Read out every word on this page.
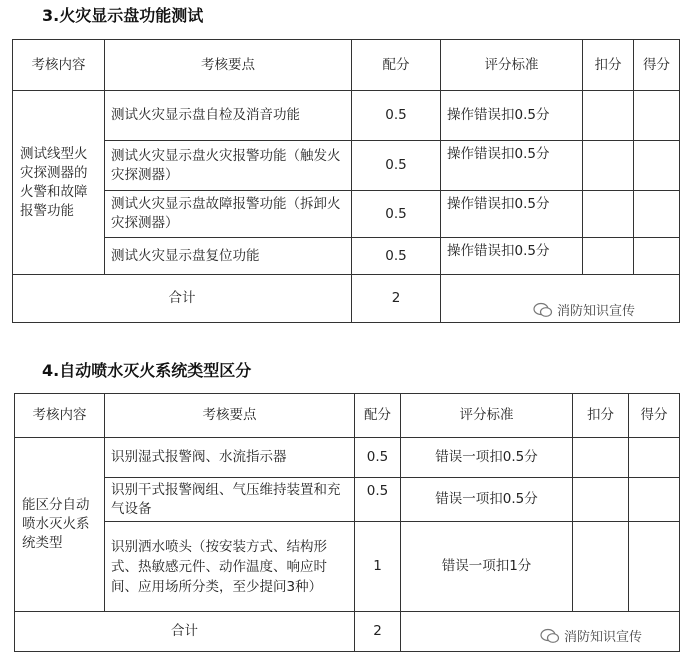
3.火灾显示盘功能测试
考核内容	考核要点	配分	评分标准	扣分	得分
测试线型火灾探测器的火警和故障报警功能	测试火灾显示盘自检及消音功能	0.5	操作错误扣0.5分		
	测试火灾显示盘火灾报警功能（触发火灾探测器）	0.5	操作错误扣0.5分		
	测试火灾显示盘故障报警功能（拆卸火灾探测器）	0.5	操作错误扣0.5分		
	测试火灾显示盘复位功能	0.5	操作错误扣0.5分		
合计		2			
消防知识宣传
4.自动喷水灭火系统类型区分
考核内容	考核要点	配分	评分标准	扣分	得分
能区分自动喷水灭火系统类型	识别湿式报警阀、水流指示器	0.5	错误一项扣0.5分		
	识别干式报警阀组、气压维持装置和充气设备	0.5	错误一项扣0.5分		
	识别洒水喷头（按安装方式、结构形式、热敏感元件、动作温度、响应时间、应用场所分类，至少提问3种）	1	错误一项扣1分		
合计		2				消防知识宣传
